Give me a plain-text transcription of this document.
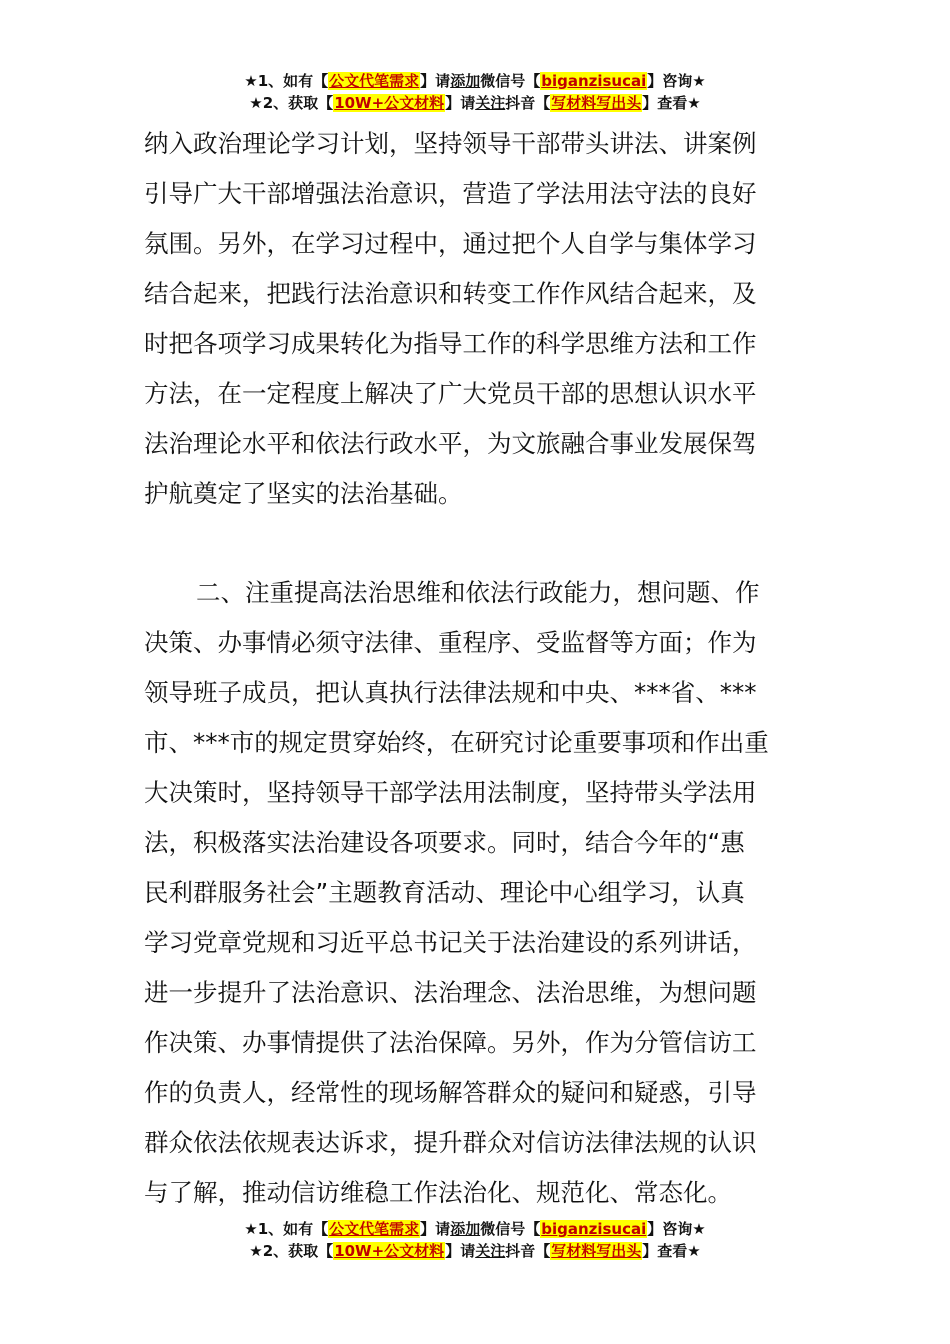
★1、如有【公文代笔需求】请添加微信号【biganzisucai】咨询★
★2、获取【10W+公文材料】请关注抖音【写材料写出头】查看★
纳入政治理论学习计划，坚持领导干部带头讲法、讲案例
引导广大干部增强法治意识，营造了学法用法守法的良好
氛围。另外，在学习过程中，通过把个人自学与集体学习
结合起来，把践行法治意识和转变工作作风结合起来，及
时把各项学习成果转化为指导工作的科学思维方法和工作
方法，在一定程度上解决了广大党员干部的思想认识水平
法治理论水平和依法行政水平，为文旅融合事业发展保驾
护航奠定了坚实的法治基础。
二、注重提高法治思维和依法行政能力，想问题、作
决策、办事情必须守法律、重程序、受监督等方面；作为
领导班子成员，把认真执行法律法规和中央、***省、***
市、***市的规定贯穿始终，在研究讨论重要事项和作出重
大决策时，坚持领导干部学法用法制度，坚持带头学法用
法，积极落实法治建设各项要求。同时，结合今年的“惠
民利群服务社会”主题教育活动、理论中心组学习，认真
学习党章党规和习近平总书记关于法治建设的系列讲话，
进一步提升了法治意识、法治理念、法治思维，为想问题
作决策、办事情提供了法治保障。另外，作为分管信访工
作的负责人，经常性的现场解答群众的疑问和疑惑，引导
群众依法依规表达诉求，提升群众对信访法律法规的认识
与了解，推动信访维稳工作法治化、规范化、常态化。
★1、如有【公文代笔需求】请添加微信号【biganzisucai】咨询★
★2、获取【10W+公文材料】请关注抖音【写材料写出头】查看★
